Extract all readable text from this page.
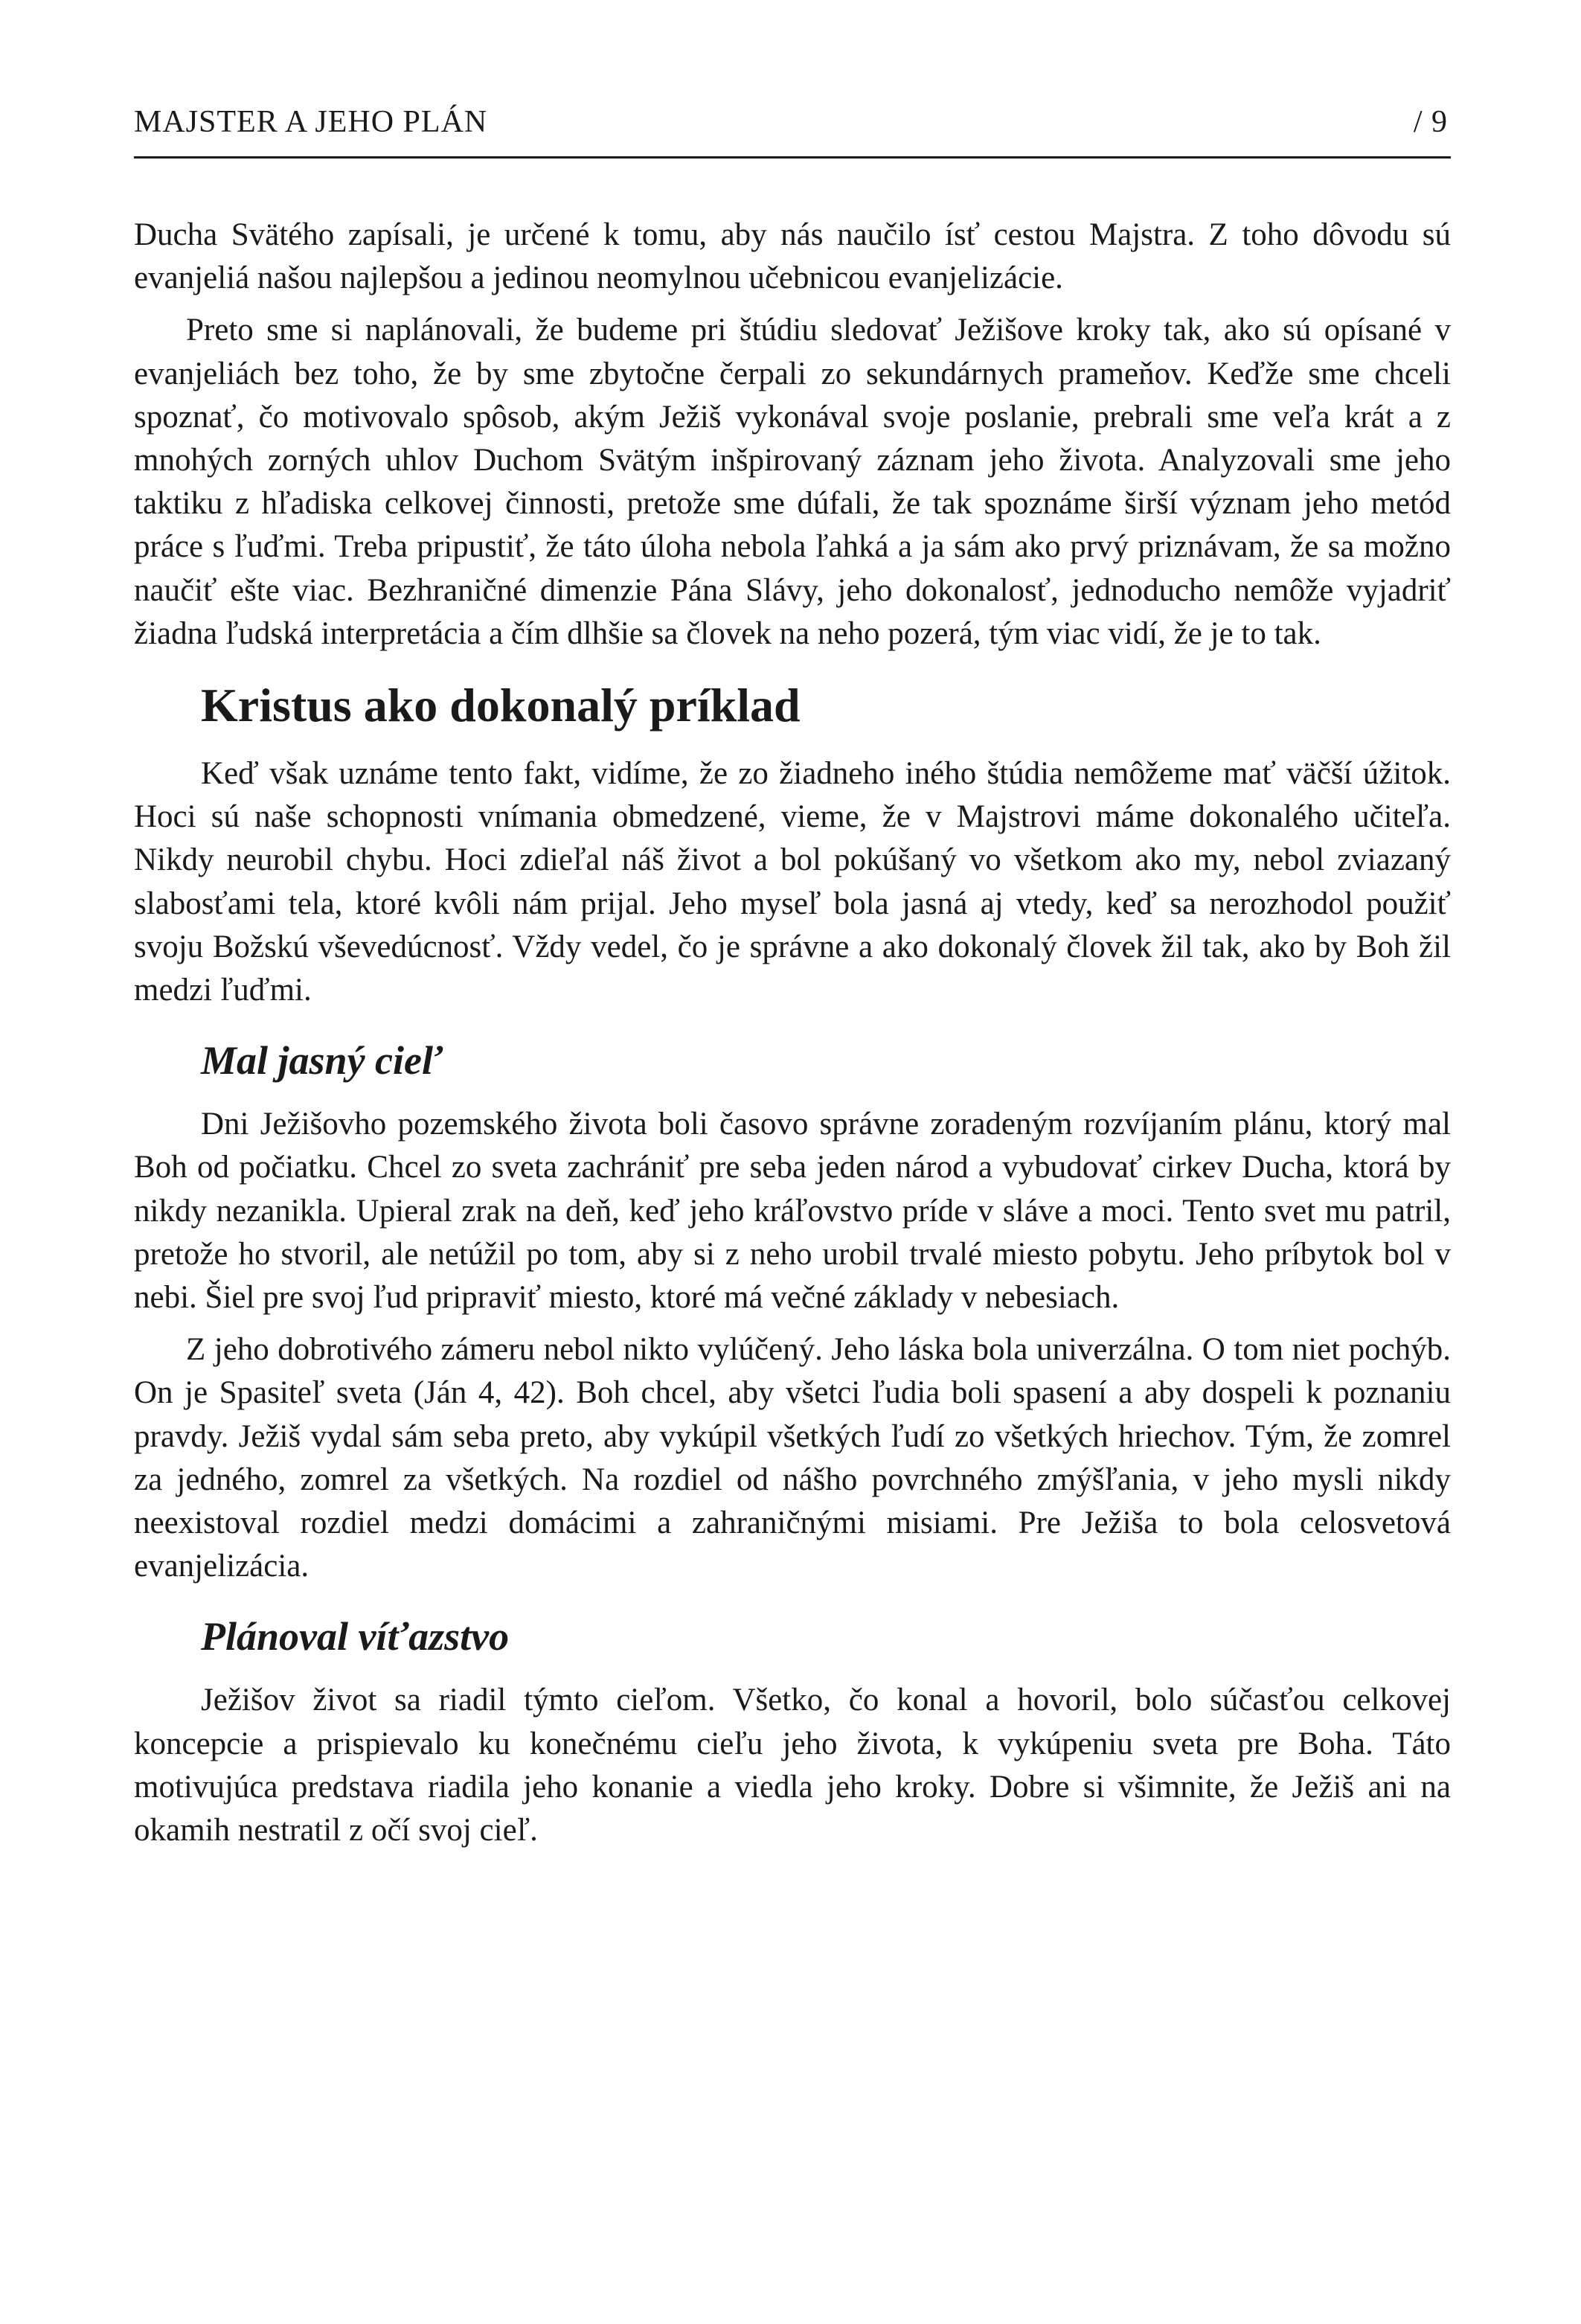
MAJSTER A JEHO PLÁN	/ 9

Ducha Svätého zapísali, je určené k tomu, aby nás naučilo ísť cestou Majstra. Z toho dôvodu sú evanjeliá našou najlepšou a jedinou neomylnou učebnicou evanjelizácie.

Preto sme si naplánovali, že budeme pri štúdiu sledovať Ježišove kroky tak, ako sú opísané v evanjeliách bez toho, že by sme zbytočne čerpali zo sekundárnych prameňov. Keďže sme chceli spoznať, čo motivovalo spôsob, akým Ježiš vykonával svoje poslanie, prebrali sme veľa krát a z mnohých zorných uhlov Duchom Svätým inšpirovaný záznam jeho života. Analyzovali sme jeho taktiku z hľadiska celkovej činnosti, pretože sme dúfali, že tak spoznáme širší význam jeho metód práce s ľuďmi. Treba pripustiť, že táto úloha nebola ľahká a ja sám ako prvý priznávam, že sa možno naučiť ešte viac. Bezhraničné dimenzie Pána Slávy, jeho dokonalosť, jednoducho nemôže vyjadriť žiadna ľudská interpretácia a čím dlhšie sa človek na neho pozerá, tým viac vidí, že je to tak.

Kristus ako dokonalý príklad

Keď však uznáme tento fakt, vidíme, že zo žiadneho iného štúdia nemôžeme mať väčší úžitok. Hoci sú naše schopnosti vnímania obmedzené, vieme, že v Majstrovi máme dokonalého učiteľa. Nikdy neurobil chybu. Hoci zdieľal náš život a bol pokúšaný vo všetkom ako my, nebol zviazaný slabosťami tela, ktoré kvôli nám prijal. Jeho myseľ bola jasná aj vtedy, keď sa nerozhodol použiť svoju Božskú vševedúcnosť. Vždy vedel, čo je správne a ako dokonalý človek žil tak, ako by Boh žil medzi ľuďmi.

Mal jasný cieľ

Dni Ježišovho pozemského života boli časovo správne zoradeným rozvíjaním plánu, ktorý mal Boh od počiatku. Chcel zo sveta zachrániť pre seba jeden národ a vybudovať cirkev Ducha, ktorá by nikdy nezanikla. Upieral zrak na deň, keď jeho kráľovstvo príde v sláve a moci. Tento svet mu patril, pretože ho stvoril, ale netúžil po tom, aby si z neho urobil trvalé miesto pobytu. Jeho príbytok bol v nebi. Šiel pre svoj ľud pripraviť miesto, ktoré má večné základy v nebesiach.

Z jeho dobrotivého zámeru nebol nikto vylúčený. Jeho láska bola univerzálna. O tom niet pochýb. On je Spasiteľ sveta (Ján 4, 42). Boh chcel, aby všetci ľudia boli spasení a aby dospeli k poznaniu pravdy. Ježiš vydal sám seba preto, aby vykúpil všetkých ľudí zo všetkých hriechov. Tým, že zomrel za jedného, zomrel za všetkých. Na rozdiel od nášho povrchného zmýšľania, v jeho mysli nikdy neexistoval rozdiel medzi domácimi a zahraničnými misiami. Pre Ježiša to bola celosvetová evanjelizácia.

Plánoval víťazstvo

Ježišov život sa riadil týmto cieľom. Všetko, čo konal a hovoril, bolo súčasťou celkovej koncepcie a prispievalo ku konečnému cieľu jeho života, k vykúpeniu sveta pre Boha. Táto motivujúca predstava riadila jeho konanie a viedla jeho kroky. Dobre si všimnite, že Ježiš ani na okamih nestratil z očí svoj cieľ.
